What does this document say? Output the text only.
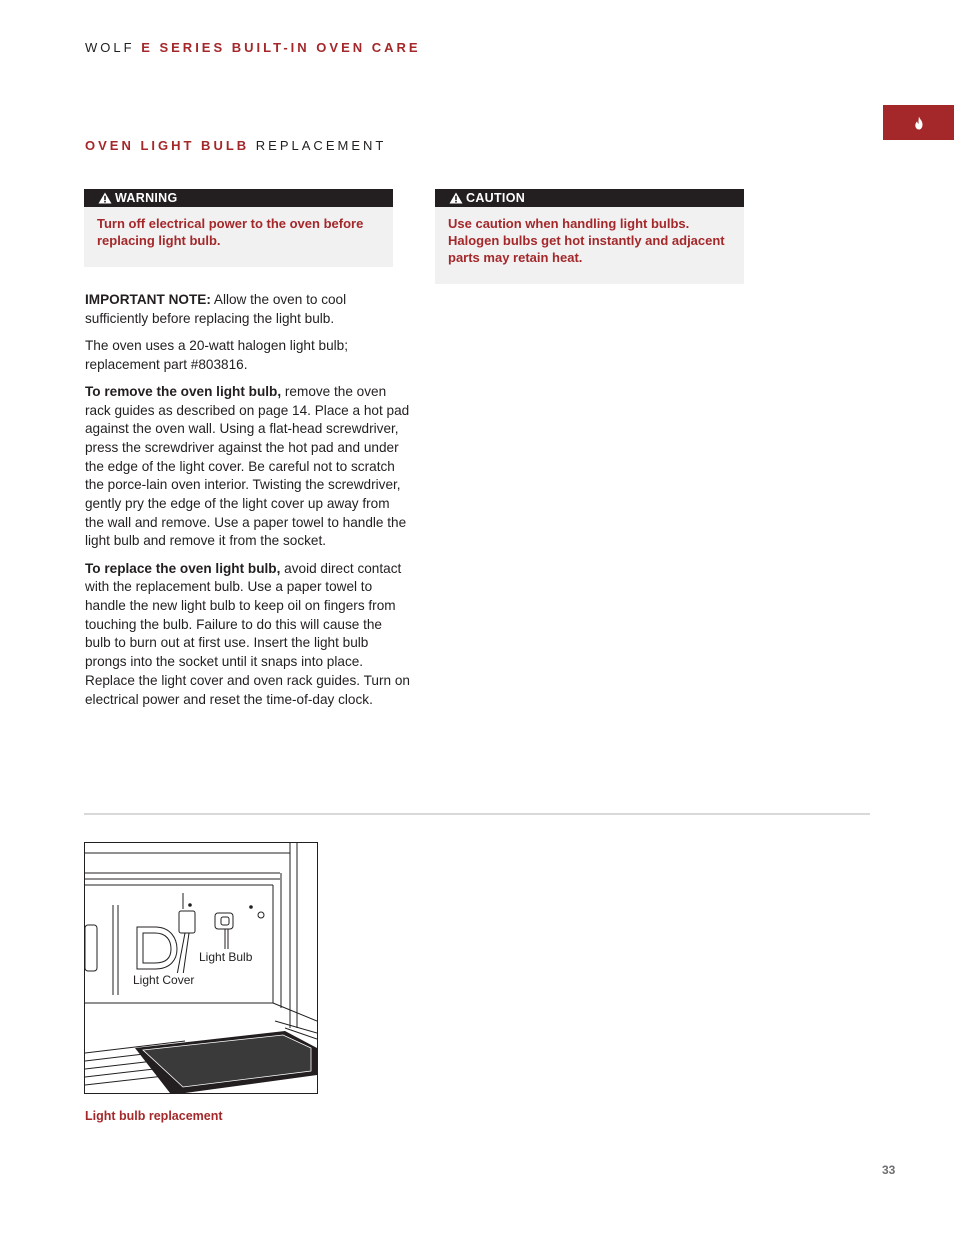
WOLF E SERIES BUILT-IN OVEN CARE
OVEN LIGHT BULB REPLACEMENT
WARNING
Turn off electrical power to the oven before replacing light bulb.
CAUTION
Use caution when handling light bulbs. Halogen bulbs get hot instantly and adjacent parts may retain heat.

IMPORTANT NOTE: Allow the oven to cool sufficiently before replacing the light bulb.

The oven uses a 20-watt halogen light bulb; replacement part #803816.

To remove the oven light bulb, remove the oven rack guides as described on page 14. Place a hot pad against the oven wall. Using a flat-head screwdriver, press the screwdriver against the hot pad and under the edge of the light cover. Be careful not to scratch the porce-lain oven interior. Twisting the screwdriver, gently pry the edge of the light cover up away from the wall and remove. Use a paper towel to handle the light bulb and remove it from the socket.

To replace the oven light bulb, avoid direct contact with the replacement bulb. Use a paper towel to handle the new light bulb to keep oil on fingers from touching the bulb. Failure to do this will cause the bulb to burn out at first use. Insert the light bulb prongs into the socket until it snaps into place. Replace the light cover and oven rack guides. Turn on electrical power and reset the time-of-day clock.

Light Bulb
Light Cover
Light bulb replacement
33
